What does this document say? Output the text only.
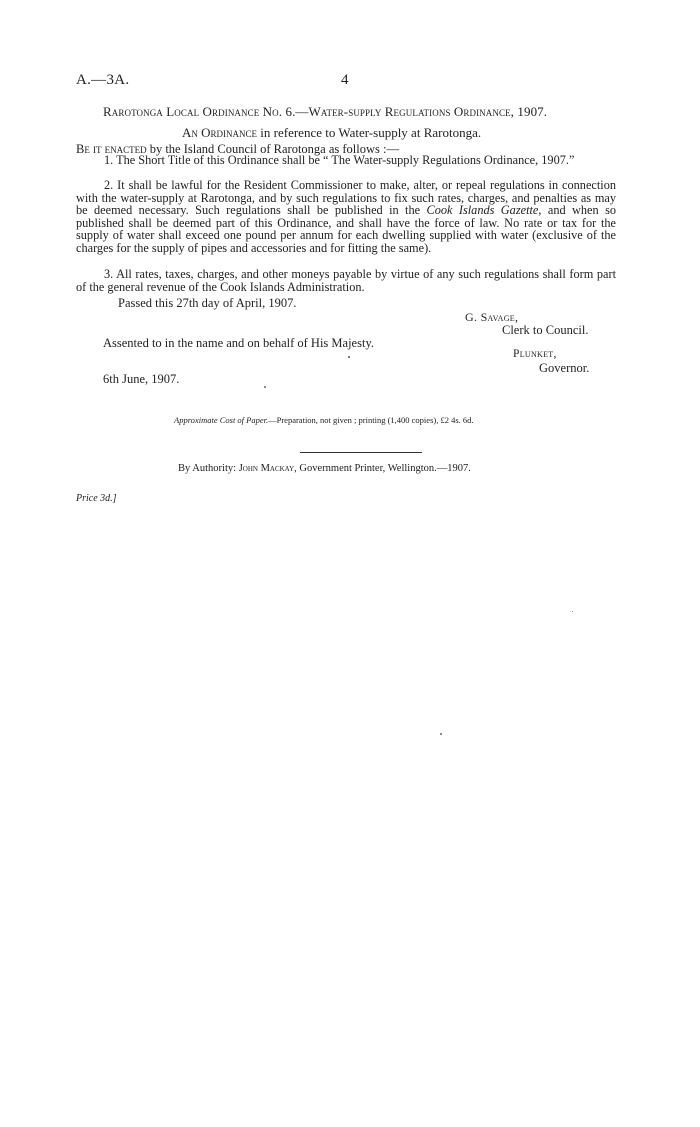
A.—3A.	4
Rarotonga Local Ordinance No. 6.—Water-supply Regulations Ordinance, 1907.
An Ordinance in reference to Water-supply at Rarotonga.
Be it enacted by the Island Council of Rarotonga as follows :—
1. The Short Title of this Ordinance shall be “ The Water-supply Regulations Ordinance, 1907.”
2. It shall be lawful for the Resident Commissioner to make, alter, or repeal regulations in connection with the water-supply at Rarotonga, and by such regulations to fix such rates, charges, and penalties as may be deemed necessary. Such regulations shall be published in the Cook Islands Gazette, and when so published shall be deemed part of this Ordinance, and shall have the force of law. No rate or tax for the supply of water shall exceed one pound per annum for each dwelling supplied with water (exclusive of the charges for the supply of pipes and accessories and for fitting the same).
3. All rates, taxes, charges, and other moneys payable by virtue of any such regulations shall form part of the general revenue of the Cook Islands Administration.
Passed this 27th day of April, 1907.
G. Savage,
Clerk to Council.
Assented to in the name and on behalf of His Majesty.
Plunket,
Governor.
6th June, 1907.
Approximate Cost of Paper.—Preparation, not given ; printing (1,400 copies), £2 4s. 6d.
By Authority: John Mackay, Government Printer, Wellington.—1907.
Price 3d.]
